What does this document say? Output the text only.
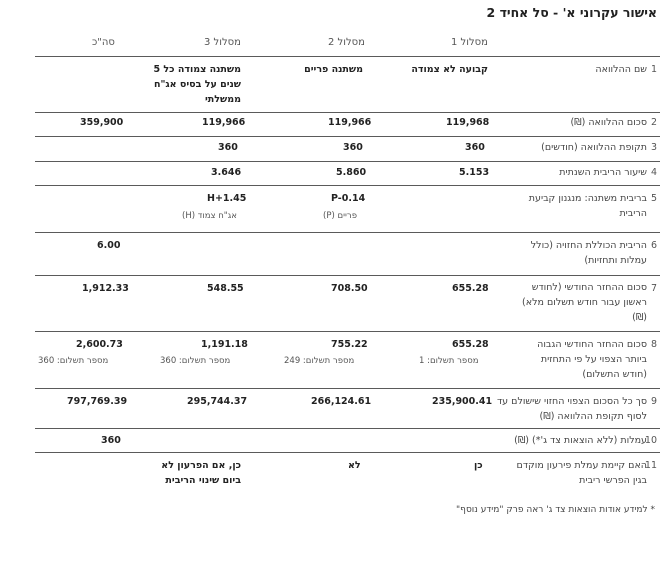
אישור עקרוני א' - סל אחיד 2
מסלול 1
מסלול 2
מסלול 3
סה"כ
1
שם ההלוואה
קבועה לא צמודה
משתנה פריים
משתנה צמודה כל 5 שנים על בסיס אג"ח ממשלתי
2
סכום ההלוואה (₪)
119,968
119,966
119,966
359,900
3
תקופת ההלוואה (חודשים)
360
360
360
4
שיעור הריבית השנתית
5.153
5.860
3.646
5
בריבית משתנה: מנגנון קביעת הריבית
P-0.14
פריים (P)
H+1.45
אג"ח צמוד (H)
6
הריבית הכוללת החזויה (כולל עמלות ותחזיות)
6.00
7
סכום ההחזר החודשי (לחודש ראשון עבור חודש תשלום מלא) (₪)
655.28
708.50
548.55
1,912.33
8
סכום ההחזר החודשי הגבוה ביותר הצפוי על פי התחזית (חודש התשלום)
655.28
מספר תשלום: 1
755.22
מספר תשלום: 249
1,191.18
מספר תשלום: 360
2,600.73
מספר תשלום: 360
9
סך כל הסכום הצפוי החזוי שישולם עד לסוף תקופת ההלוואה (₪)
235,900.41
266,124.61
295,744.37
797,769.39
10
עמלות (ללא הוצאות צד ג'*) (₪)
360
11
האם קיימת עמלת פירעון מוקדם בגין הפרשי ריבית
כן
לא
כן, אם הפרעון לא ביום שינוי הריבית
* למידע אודות הוצאות צד ג' ראה פרק "מידע נוסף"
